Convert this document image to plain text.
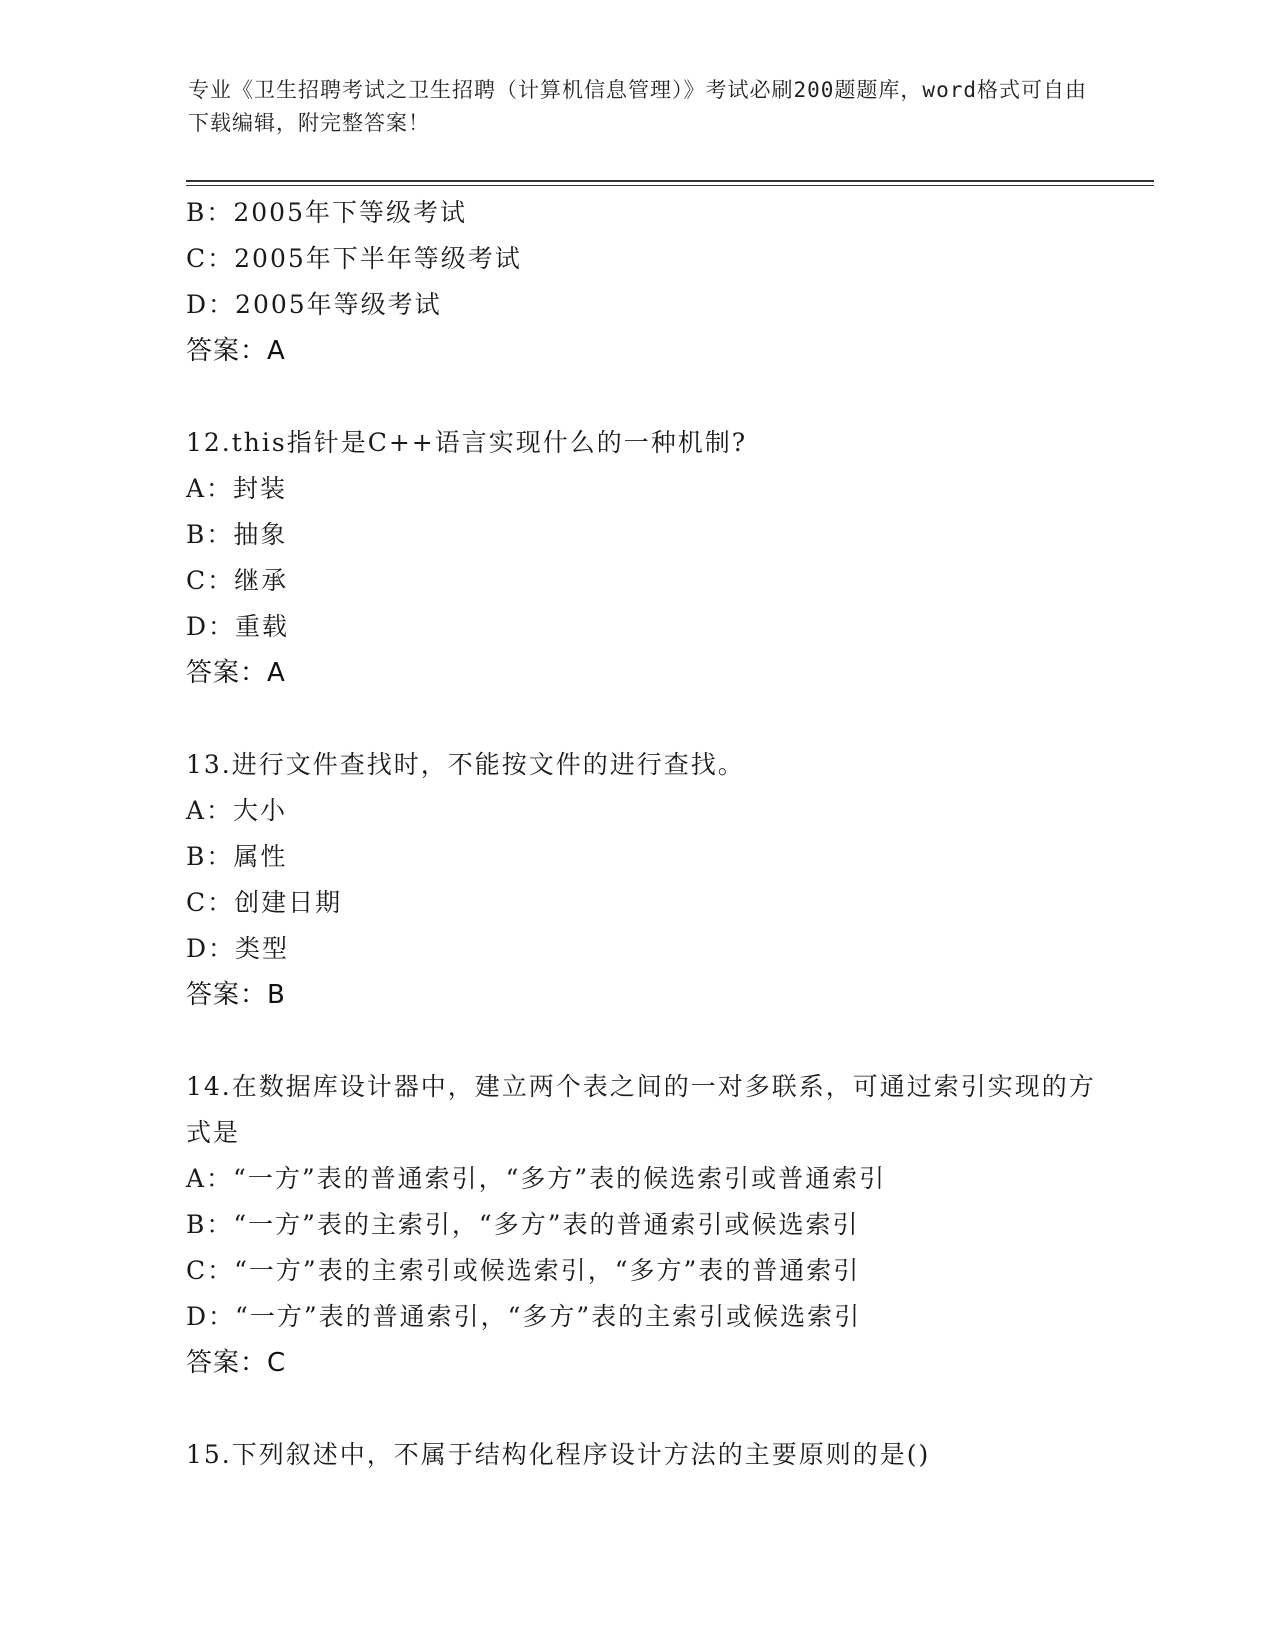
专业《卫生招聘考试之卫生招聘（计算机信息管理）》考试必刷200题题库，word格式可自由下载编辑，附完整答案！
B：2005年下等级考试
C：2005年下半年等级考试
D：2005年等级考试
答案：A
12.this指针是C++语言实现什么的一种机制?
A：封装
B：抽象
C：继承
D：重载
答案：A
13.进行文件查找时，不能按文件的进行查找。
A：大小
B：属性
C：创建日期
D：类型
答案：B
14.在数据库设计器中，建立两个表之间的一对多联系，可通过索引实现的方式是
A：“一方”表的普通索引，“多方”表的候选索引或普通索引
B：“一方”表的主索引，“多方”表的普通索引或候选索引
C：“一方”表的主索引或候选索引，“多方”表的普通索引
D：“一方”表的普通索引，“多方”表的主索引或候选索引
答案：C
15.下列叙述中，不属于结构化程序设计方法的主要原则的是()
